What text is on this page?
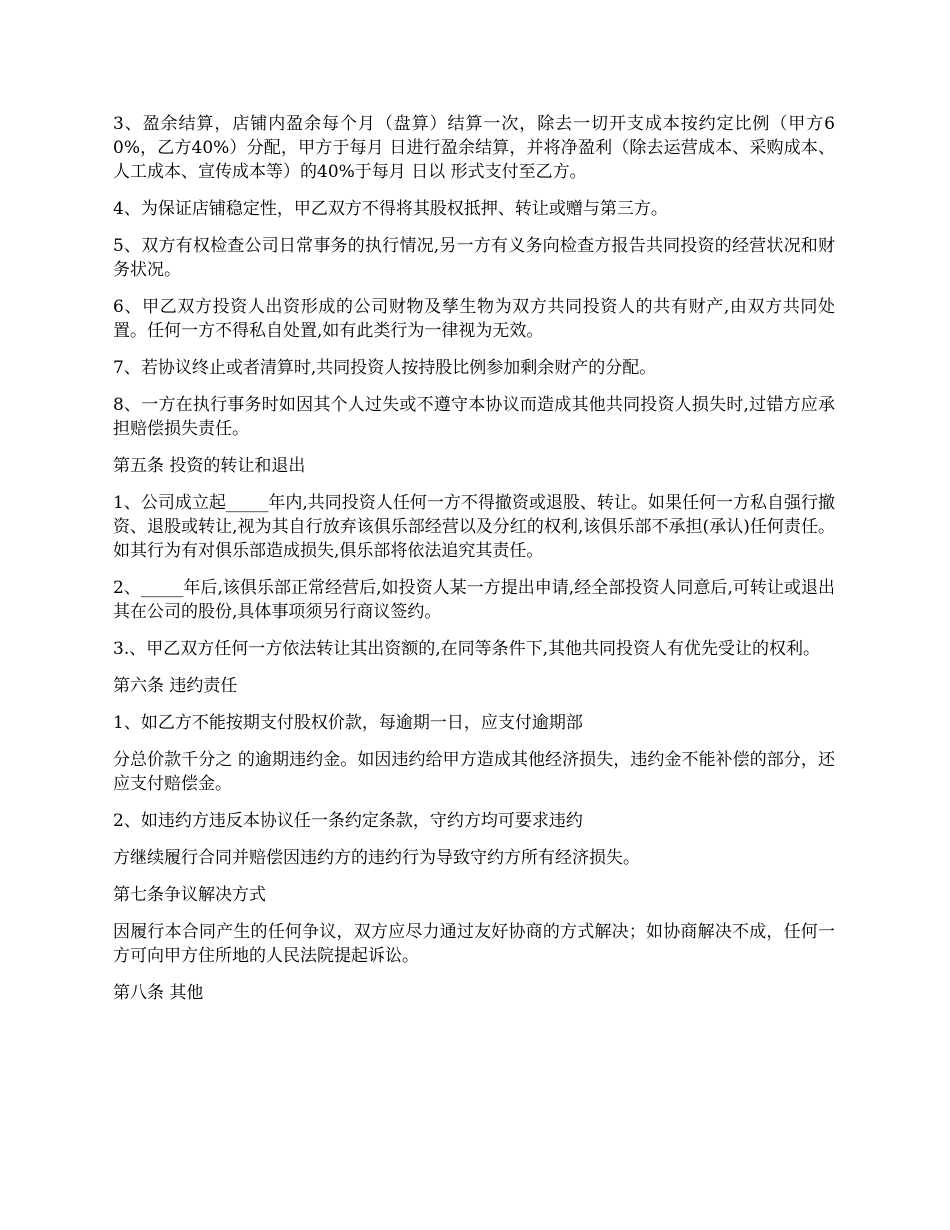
3、盈余结算，店铺内盈余每个月（盘算）结算一次，除去一切开支成本按约定比例（甲方60%，乙方40%）分配，甲方于每月 日进行盈余结算，并将净盈利（除去运营成本、采购成本、人工成本、宣传成本等）的40%于每月 日以 形式支付至乙方。

4、为保证店铺稳定性，甲乙双方不得将其股权抵押、转让或赠与第三方。

5、双方有权检查公司日常事务的执行情况,另一方有义务向检查方报告共同投资的经营状况和财务状况。

6、甲乙双方投资人出资形成的公司财物及孳生物为双方共同投资人的共有财产,由双方共同处置。任何一方不得私自处置,如有此类行为一律视为无效。

7、若协议终止或者清算时,共同投资人按持股比例参加剩余财产的分配。

8、一方在执行事务时如因其个人过失或不遵守本协议而造成其他共同投资人损失时,过错方应承担赔偿损失责任。

第五条 投资的转让和退出

1、公司成立起_____年内,共同投资人任何一方不得撤资或退股、转让。如果任何一方私自强行撤资、退股或转让,视为其自行放弃该俱乐部经营以及分红的权利,该俱乐部不承担(承认)任何责任。如其行为有对俱乐部造成损失,俱乐部将依法追究其责任。

2、_____年后,该俱乐部正常经营后,如投资人某一方提出申请,经全部投资人同意后,可转让或退出其在公司的股份,具体事项须另行商议签约。

3.、甲乙双方任何一方依法转让其出资额的,在同等条件下,其他共同投资人有优先受让的权利。

第六条 违约责任

1、如乙方不能按期支付股权价款，每逾期一日，应支付逾期部

分总价款千分之 的逾期违约金。如因违约给甲方造成其他经济损失，违约金不能补偿的部分，还应支付赔偿金。

2、如违约方违反本协议任一条约定条款，守约方均可要求违约

方继续履行合同并赔偿因违约方的违约行为导致守约方所有经济损失。

第七条争议解决方式

因履行本合同产生的任何争议，双方应尽力通过友好协商的方式解决；如协商解决不成，任何一方可向甲方住所地的人民法院提起诉讼。

第八条 其他
